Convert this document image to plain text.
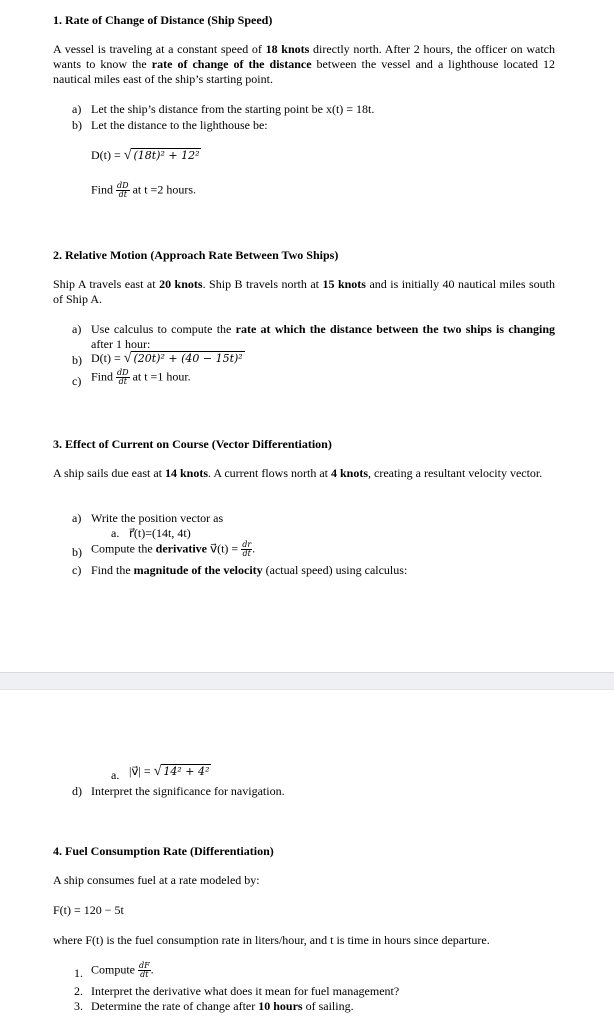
1. Rate of Change of Distance (Ship Speed)
A vessel is traveling at a constant speed of 18 knots directly north. After 2 hours, the officer on watch wants to know the rate of change of the distance between the vessel and a lighthouse located 12 nautical miles east of the ship’s starting point.
a) Let the ship’s distance from the starting point be x(t) = 18t.
b) Let the distance to the lighthouse be:
D(t) = √ (18t)² + 12²
Find $\frac{dD}{dt}$ at t =2 hours.
2. Relative Motion (Approach Rate Between Two Ships)
Ship A travels east at 20 knots. Ship B travels north at 15 knots and is initially 40 nautical miles south of Ship A.
a) Use calculus to compute the rate at which the distance between the two ships is changing after 1 hour:
b) D(t) = √ (20t)² + (40 − 15t)²
c) Find $\frac{dD}{dt}$ at t =1 hour.
3. Effect of Current on Course (Vector Differentiation)
A ship sails due east at 14 knots. A current flows north at 4 knots, creating a resultant velocity vector.
a) Write the position vector as
a. r⃗(t)=(14t, 4t)
b) Compute the derivative v⃗(t) = $\frac{dr}{dt}$ .
c) Find the magnitude of the velocity (actual speed) using calculus:
a. |v⃗| = √ 14² + 4²
d) Interpret the significance for navigation.
4. Fuel Consumption Rate (Differentiation)
A ship consumes fuel at a rate modeled by:
F(t) = 120 − 5t
where F(t) is the fuel consumption rate in liters/hour, and t is time in hours since departure.
1. Compute $\frac{dF}{dt}$ .
2. Interpret the derivative what does it mean for fuel management?
3. Determine the rate of change after 10 hours of sailing.
